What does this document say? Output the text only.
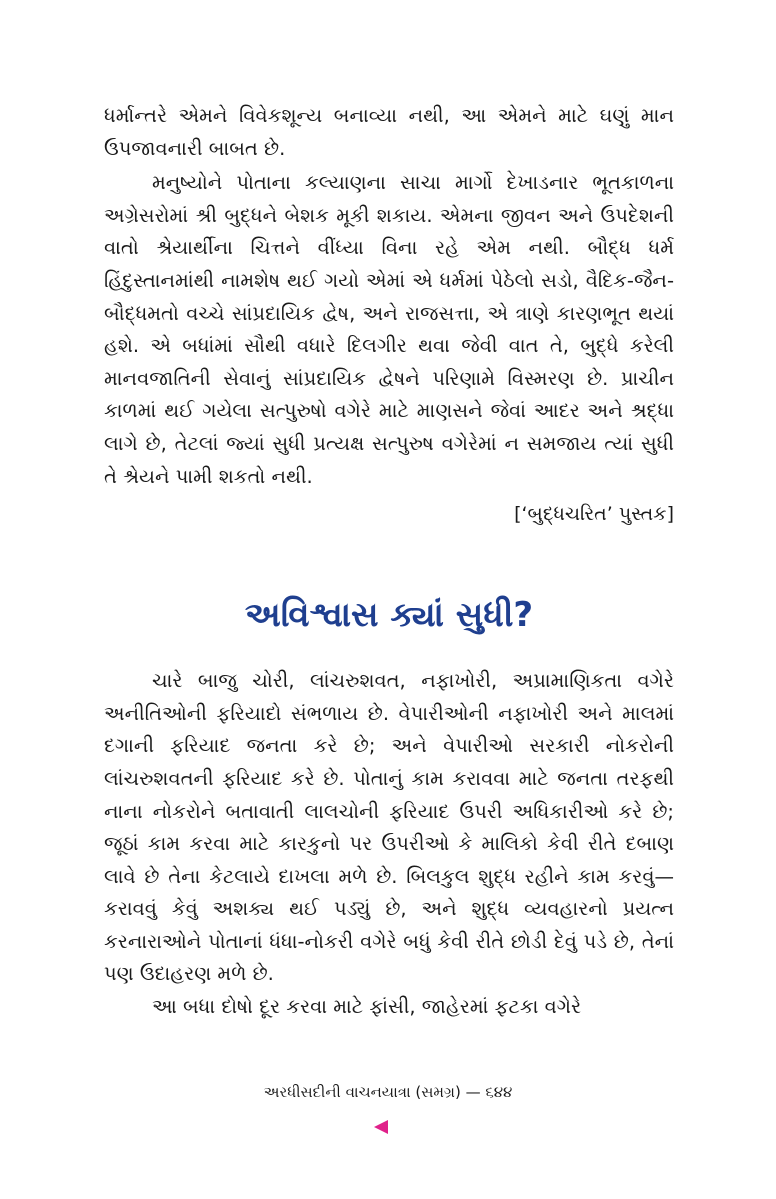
ધર્માન્તરે એમને વિવેકશૂન્ય બનાવ્યા નથી, આ એમને માટે ઘણું માન ઉપજાવનારી બાબત છે.

મનુષ્યોને પોતાના કલ્યાણના સાચા માર્ગો દેખાડનાર ભૂતકાળના અગ્રેસરોમાં શ્રી બુદ્ધને બેશક મૂકી શકાય. એમના જીવન અને ઉપદેશની વાતો શ્રેયાર્થીના ચિત્તને વીંધ્યા વિના રહે એમ નથી. બૌદ્ધ ધર્મ હિંદુસ્તાનમાંથી નામશેષ થઈ ગયો એમાં એ ધર્મમાં પેઠેલો સડો, વૈદિક-જૈન-બૌદ્ધમતો વચ્ચે સાંપ્રદાયિક દ્વેષ, અને રાજસત્તા, એ ત્રાણે કારણભૂત થયાં હશે. એ બધાંમાં સૌથી વધારે દિલગીર થવા જેવી વાત તે, બુદ્ધે કરેલી માનવજાતિની સેવાનું સાંપ્રદાયિક દ્વેષને પરિણામે વિસ્મરણ છે. પ્રાચીન કાળમાં થઈ ગયેલા સત્પુરુષો વગેરે માટે માણસને જેવાં આદર અને શ્રદ્ધા લાગે છે, તેટલાં જ્યાં સુધી પ્રત્યક્ષ સત્પુરુષ વગેરેમાં ન સમજાય ત્યાં સુધી તે શ્રેયને પામી શકતો નથી.

[‘બુદ્ધચરિત’ પુસ્તક]

અવિશ્વાસ ક્યાં સુધી?

ચારે બાજુ ચોરી, લાંચરુશવત, નફાખોરી, અપ્રામાણિકતા વગેરે અનીતિઓની ફરિયાદો સંભળાય છે. વેપારીઓની નફાખોરી અને માલમાં દગાની ફરિયાદ જનતા કરે છે; અને વેપારીઓ સરકારી નોકરોની લાંચરુશવતની ફરિયાદ કરે છે. પોતાનું કામ કરાવવા માટે જનતા તરફથી નાના નોકરોને બતાવાતી લાલચોની ફરિયાદ ઉપરી અધિકારીઓ કરે છે; જૂઠાં કામ કરવા માટે કારકુનો પર ઉપરીઓ કે માલિકો કેવી રીતે દબાણ લાવે છે તેના કેટલાયે દાખલા મળે છે. બિલકુલ શુદ્ધ રહીને કામ કરવું—કરાવવું કેવું અશક્ય થઈ પડ્યું છે, અને શુદ્ધ વ્યવહારનો પ્રયત્ન કરનારાઓને પોતાનાં ધંધા-નોકરી વગેરે બધું કેવી રીતે છોડી દેવું પડે છે, તેનાં પણ ઉદાહરણ મળે છે.

આ બધા દોષો દૂર કરવા માટે ફાંસી, જાહેરમાં ફટકા વગેરે

અરધીસદીની વાચનયાત્રા (સમગ્ર) — ૬૪૪
